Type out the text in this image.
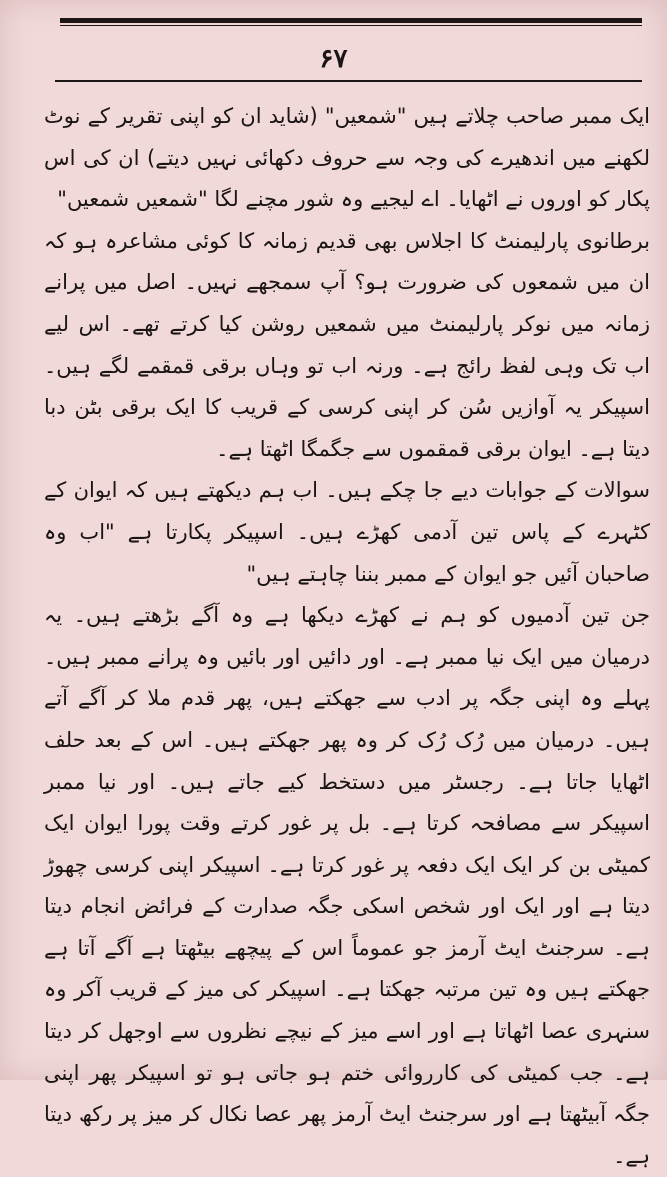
۶۷

ایک ممبر صاحب چلاتے ہیں "شمعیں" (شاید ان کو اپنی تقریر کے نوٹ لکھنے میں اندھیرے کی وجہ سے حروف دکھائی نہیں دیتے) ان کی اس پکار کو اوروں نے اٹھایا۔ اے لیجیے وہ شور مچنے لگا "شمعیں شمعیں"

برطانوی پارلیمنٹ کا اجلاس بھی قدیم زمانہ کا کوئی مشاعرہ ہو کہ ان میں شمعوں کی ضرورت ہو؟ آپ سمجھے نہیں۔ اصل میں پرانے زمانہ میں نوکر پارلیمنٹ میں شمعیں روشن کیا کرتے تھے۔ اس لیے اب تک وہی لفظ رائج ہے۔ ورنہ اب تو وہاں برقی قمقمے لگے ہیں۔ اسپیکر یہ آوازیں سُن کر اپنی کرسی کے قریب کا ایک برقی بٹن دبا دیتا ہے۔ ایوان برقی قمقموں سے جگمگا اٹھتا ہے۔

سوالات کے جوابات دیے جا چکے ہیں۔ اب ہم دیکھتے ہیں کہ ایوان کے کٹہرے کے پاس تین آدمی کھڑے ہیں۔ اسپیکر پکارتا ہے "اب وہ صاحبان آئیں جو ایوان کے ممبر بننا چاہتے ہیں"

جن تین آدمیوں کو ہم نے کھڑے دیکھا ہے وہ آگے بڑھتے ہیں۔ یہ درمیان میں ایک نیا ممبر ہے۔ اور دائیں اور بائیں وہ پرانے ممبر ہیں۔ پہلے وہ اپنی جگہ پر ادب سے جھکتے ہیں، پھر قدم ملا کر آگے آتے ہیں۔ درمیان میں رُک رُک کر وہ پھر جھکتے ہیں۔ اس کے بعد حلف اٹھایا جاتا ہے۔ رجسٹر میں دستخط کیے جاتے ہیں۔ اور نیا ممبر اسپیکر سے مصافحہ کرتا ہے۔ بل پر غور کرتے وقت پورا ایوان ایک کمیٹی بن کر ایک ایک دفعہ پر غور کرتا ہے۔ اسپیکر اپنی کرسی چھوڑ دیتا ہے اور ایک اور شخص اسکی جگہ صدارت کے فرائض انجام دیتا ہے۔ سرجنٹ ایٹ آرمز جو عموماً اس کے پیچھے بیٹھتا ہے آگے آتا ہے جھکتے ہیں وہ تین مرتبہ جھکتا ہے۔ اسپیکر کی میز کے قریب آکر وہ سنہری عصا اٹھاتا ہے اور اسے میز کے نیچے نظروں سے اوجھل کر دیتا ہے۔ جب کمیٹی کی کارروائی ختم ہو جاتی ہو تو اسپیکر پھر اپنی جگہ آبیٹھتا ہے اور سرجنٹ ایٹ آرمز پھر عصا نکال کر میز پر رکھ دیتا ہے۔
